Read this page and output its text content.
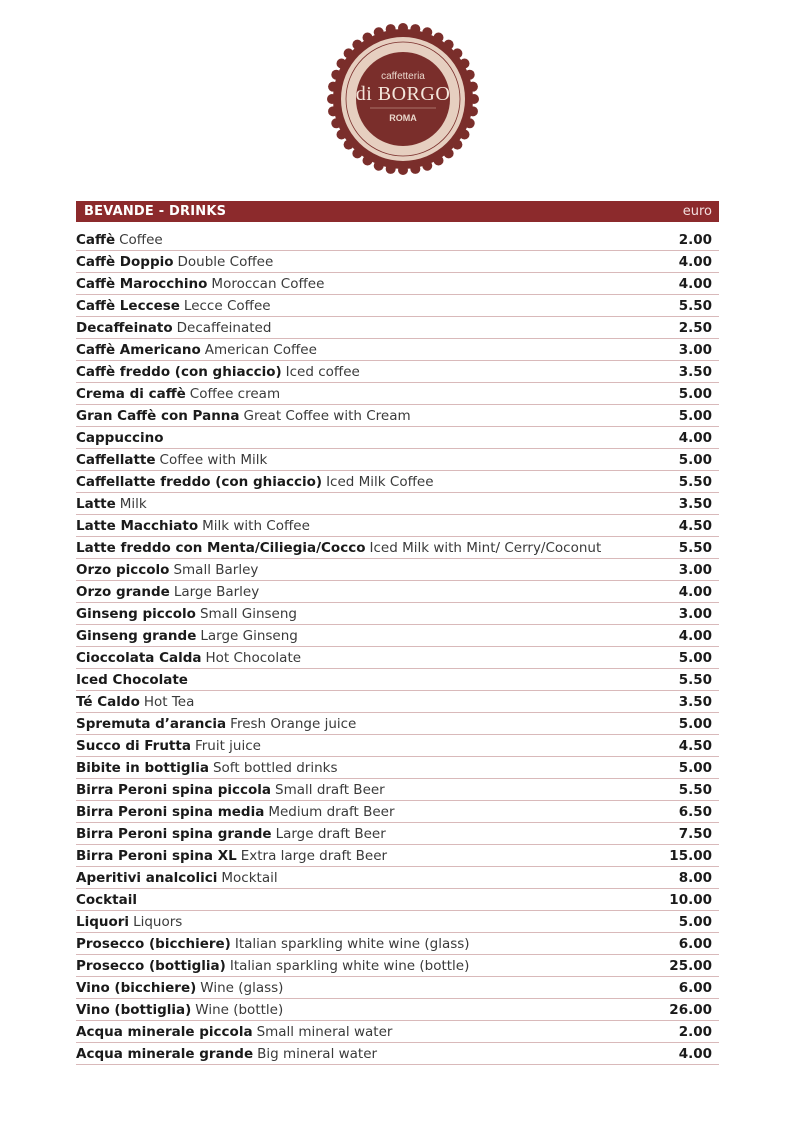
caffetteria
di BORGO
ROMA
BEVANDE - DRINKS	euro
Caffè Coffee	2.00
Caffè Doppio Double Coffee	4.00
Caffè Marocchino Moroccan Coffee	4.00
Caffè Leccese Lecce Coffee	5.50
Decaffeinato Decaffeinated	2.50
Caffè Americano American Coffee	3.00
Caffè freddo (con ghiaccio) Iced coffee	3.50
Crema di caffè Coffee cream	5.00
Gran Caffè con Panna Great Coffee with Cream	5.00
Cappuccino	4.00
Caffellatte Coffee with Milk	5.00
Caffellatte freddo (con ghiaccio) Iced Milk Coffee	5.50
Latte Milk	3.50
Latte Macchiato Milk with Coffee	4.50
Latte freddo con Menta/Ciliegia/Cocco Iced Milk with Mint/ Cerry/Coconut	5.50
Orzo piccolo Small Barley	3.00
Orzo grande Large Barley	4.00
Ginseng piccolo Small Ginseng	3.00
Ginseng grande Large Ginseng	4.00
Cioccolata Calda Hot Chocolate	5.00
Iced Chocolate	5.50
Té Caldo Hot Tea	3.50
Spremuta d’arancia Fresh Orange juice	5.00
Succo di Frutta Fruit juice	4.50
Bibite in bottiglia Soft bottled drinks	5.00
Birra Peroni spina piccola Small draft Beer	5.50
Birra Peroni spina media Medium draft Beer	6.50
Birra Peroni spina grande Large draft Beer	7.50
Birra Peroni spina XL Extra large draft Beer	15.00
Aperitivi analcolici Mocktail	8.00
Cocktail	10.00
Liquori Liquors	5.00
Prosecco (bicchiere) Italian sparkling white wine (glass)	6.00
Prosecco (bottiglia) Italian sparkling white wine (bottle)	25.00
Vino (bicchiere) Wine (glass)	6.00
Vino (bottiglia) Wine (bottle)	26.00
Acqua minerale piccola Small mineral water	2.00
Acqua minerale grande Big mineral water	4.00
